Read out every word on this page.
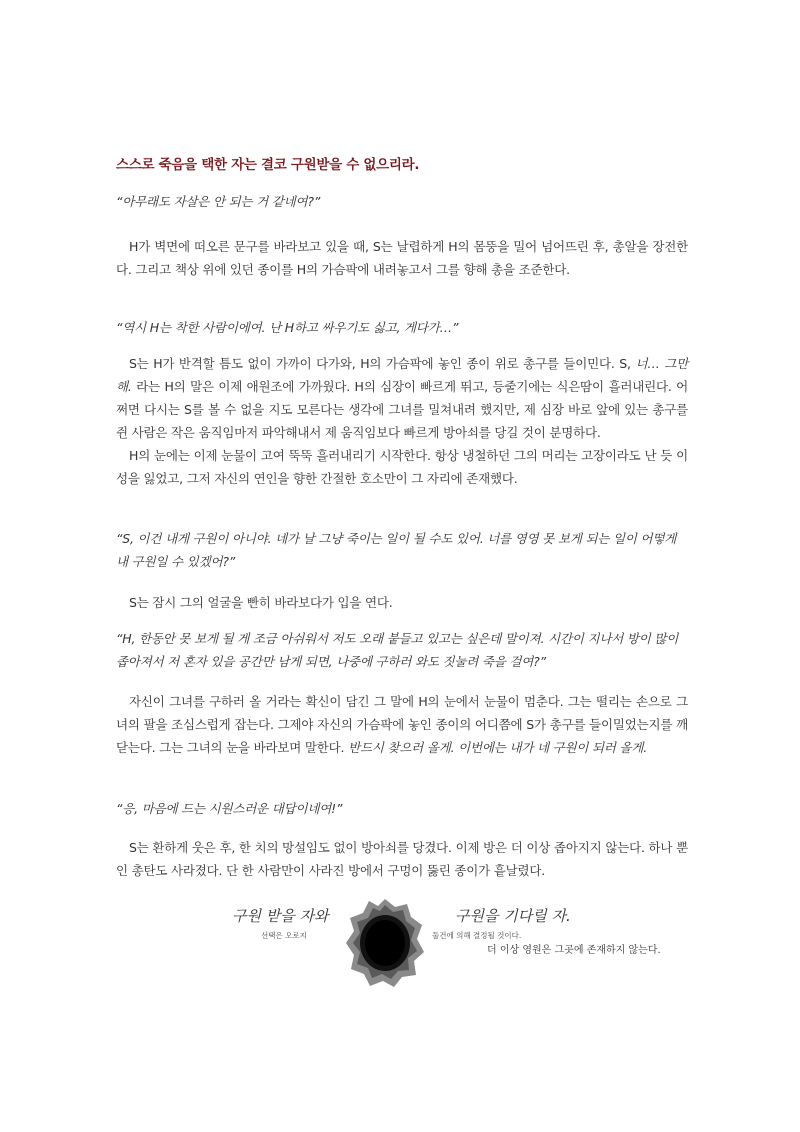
스스로 죽음을 택한 자는 결코 구원받을 수 없으리라.
“아무래도 자살은 안 되는 거 같네여?”

H가 벽면에 떠오른 문구를 바라보고 있을 때, S는 날렵하게 H의 몸뚱을 밀어 넘어뜨린 후, 총알을 장전한다. 그리고 책상 위에 있던 종이를 H의 가슴팍에 내려놓고서 그를 향해 총을 조준한다.

“역시 H는 착한 사람이에여. 난 H하고 싸우기도 싫고, 게다가…”

S는 H가 반격할 틈도 없이 가까이 다가와, H의 가슴팍에 놓인 종이 위로 총구를 들이민다. S, 너… 그만해. 라는 H의 말은 이제 애원조에 가까웠다. H의 심장이 빠르게 뛰고, 등줄기에는 식은땀이 흘러내린다. 어쩌면 다시는 S를 볼 수 없을 지도 모른다는 생각에 그녀를 밀쳐내려 했지만, 제 심장 바로 앞에 있는 총구를 쥔 사람은 작은 움직임마저 파악해내서 제 움직임보다 빠르게 방아쇠를 당길 것이 분명하다.

H의 눈에는 이제 눈물이 고여 뚝뚝 흘러내리기 시작한다. 항상 냉철하던 그의 머리는 고장이라도 난 듯 이성을 잃었고, 그저 자신의 연인을 향한 간절한 호소만이 그 자리에 존재했다.

“S, 이건 내게 구원이 아니야. 네가 날 그냥 죽이는 일이 될 수도 있어. 너를 영영 못 보게 되는 일이 어떻게 내 구원일 수 있겠어?”

S는 잠시 그의 얼굴을 빤히 바라보다가 입을 연다.

“H, 한동안 못 보게 될 게 조금 아쉬워서 저도 오래 붙들고 있고는 싶은데 말이져. 시간이 지나서 방이 많이 좁아져서 저 혼자 있을 공간만 남게 되면, 나중에 구하러 와도 짓눌려 죽을 걸여?”

자신이 그녀를 구하러 올 거라는 확신이 담긴 그 말에 H의 눈에서 눈물이 멈춘다. 그는 떨리는 손으로 그녀의 팔을 조심스럽게 잡는다. 그제야 자신의 가슴팍에 놓인 종이의 어디쯤에 S가 총구를 들이밀었는지를 깨닫는다. 그는 그녀의 눈을 바라보며 말한다. 반드시 찾으러 올게. 이번에는 내가 네 구원이 되러 올게.

“응, 마음에 드는 시원스러운 대답이네여!”

S는 환하게 웃은 후, 한 치의 망설임도 없이 방아쇠를 당겼다. 이제 방은 더 이상 좁아지지 않는다. 하나 뿐인 총탄도 사라졌다. 단 한 사람만이 사라진 방에서 구멍이 뚫린 종이가 흩날렸다.

구원 받을 자와
선택은 오로지
구원을 기다릴 자.
둘건에 의해 결정될 것이다.
더 이상 영원은 그곳에 존재하지 않는다.
